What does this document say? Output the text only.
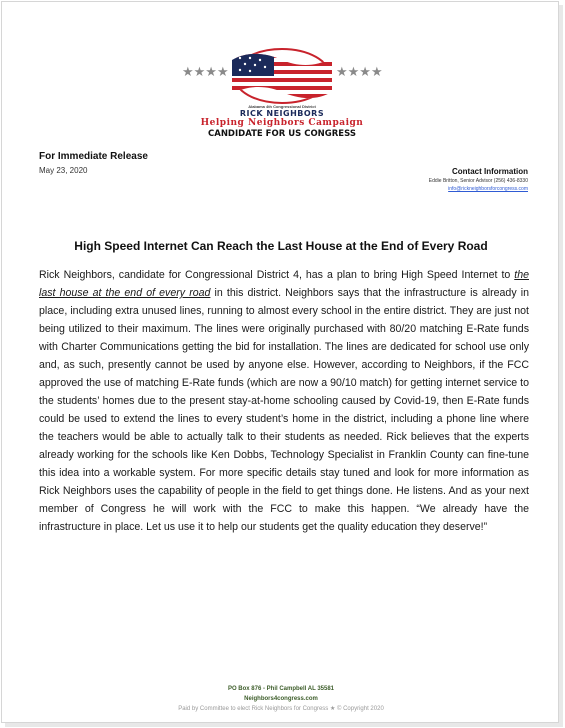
★★★★	★★★★
Alabama 4th Congressional District
RICK NEIGHBORS
Helping Neighbors Campaign
CANDIDATE FOR US CONGRESS
For Immediate Release
May 23, 2020	Contact Information
Eddie Britton, Senior Advisor (256) 436-8330
info@rickneighborsforcongress.com
High Speed Internet Can Reach the Last House at the End of Every Road
Rick Neighbors, candidate for Congressional District 4, has a plan to bring High Speed Internet to the last house at the end of every road in this district. Neighbors says that the infrastructure is already in place, including extra unused lines, running to almost every school in the entire district. They are just not being utilized to their maximum. The lines were originally purchased with 80/20 matching E-Rate funds with Charter Communications getting the bid for installation. The lines are dedicated for school use only and, as such, presently cannot be used by anyone else. However, according to Neighbors, if the FCC approved the use of matching E-Rate funds (which are now a 90/10 match) for getting internet service to the students’ homes due to the present stay-at-home schooling caused by Covid-19, then E-Rate funds could be used to extend the lines to every student’s home in the district, including a phone line where the teachers would be able to actually talk to their students as needed. Rick believes that the experts already working for the schools like Ken Dobbs, Technology Specialist in Franklin County can fine-tune this idea into a workable system. For more specific details stay tuned and look for more information as Rick Neighbors uses the capability of people in the field to get things done. He listens. And as your next member of Congress he will work with the FCC to make this happen. “We already have the infrastructure in place. Let us use it to help our students get the quality education they deserve!”
PO Box 876 - Phil Campbell AL 35581
Neighbors4congress.com
Paid by Committee to elect Rick Neighbors for Congress ★ © Copyright 2020
